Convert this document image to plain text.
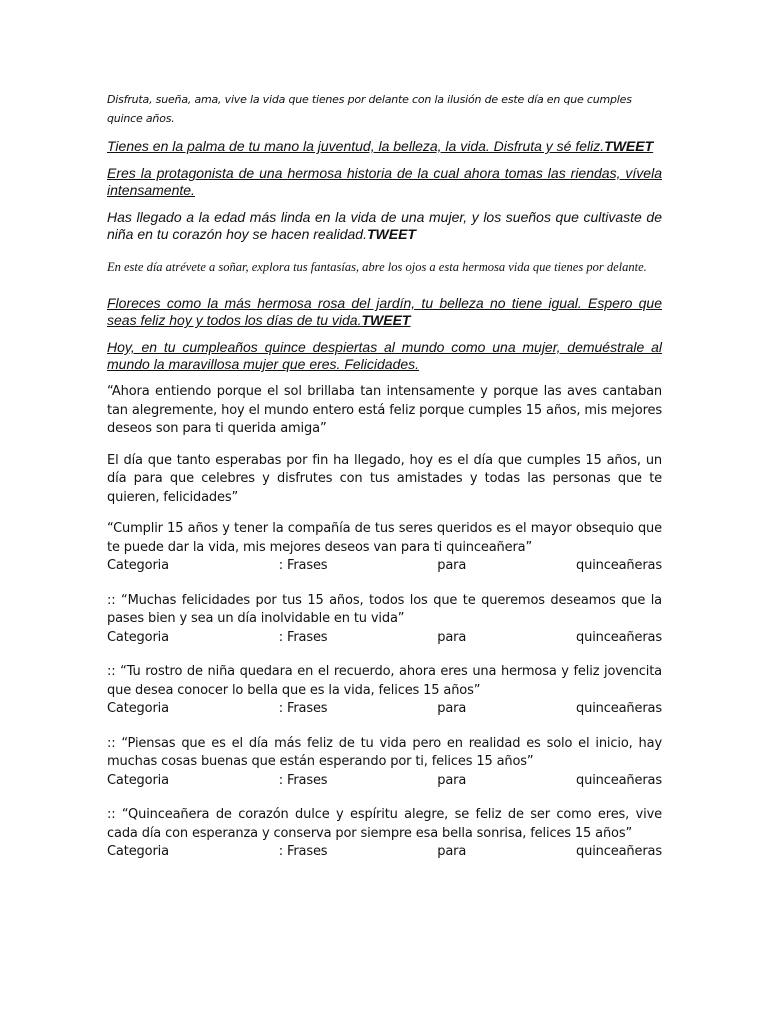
Disfruta, sueña, ama, vive la vida que tienes por delante con la ilusión de este día en que cumples quince años.

Tienes en la palma de tu mano la juventud, la belleza, la vida. Disfruta y sé feliz.TWEET

Eres la protagonista de una hermosa historia de la cual ahora tomas las riendas, vívela intensamente.

Has llegado a la edad más linda en la vida de una mujer, y los sueños que cultivaste de niña en tu corazón hoy se hacen realidad.TWEET

En este día atrévete a soñar, explora tus fantasías, abre los ojos a esta hermosa vida que tienes por delante.

Floreces como la más hermosa rosa del jardín, tu belleza no tiene igual. Espero que seas feliz hoy y todos los días de tu vida.TWEET

Hoy, en tu cumpleaños quince despiertas al mundo como una mujer, demuéstrale al mundo la maravillosa mujer que eres. Felicidades.

“Ahora entiendo porque el sol brillaba tan intensamente y porque las aves cantaban tan alegremente, hoy el mundo entero está feliz porque cumples 15 años, mis mejores deseos son para ti querida amiga”

El día que tanto esperabas por fin ha llegado, hoy es el día que cumples 15 años, un día para que celebres y disfrutes con tus amistades y todas las personas que te quieren, felicidades”

“Cumplir 15 años y tener la compañía de tus seres queridos es el mayor obsequio que te puede dar la vida, mis mejores deseos van para ti quinceañera”
Categoria	: Frases	para	quinceañeras
:: “Muchas felicidades por tus 15 años, todos los que te queremos deseamos que la pases bien y sea un día inolvidable en tu vida”
Categoria	: Frases	para	quinceañeras
:: “Tu rostro de niña quedara en el recuerdo, ahora eres una hermosa y feliz jovencita que desea conocer lo bella que es la vida, felices 15 años”
Categoria	: Frases	para	quinceañeras
:: “Piensas que es el día más feliz de tu vida pero en realidad es solo el inicio, hay muchas cosas buenas que están esperando por ti, felices 15 años”
Categoria	: Frases	para	quinceañeras
:: “Quinceañera de corazón dulce y espíritu alegre, se feliz de ser como eres, vive cada día con esperanza y conserva por siempre esa bella sonrisa, felices 15 años”
Categoria	: Frases	para	quinceañeras
